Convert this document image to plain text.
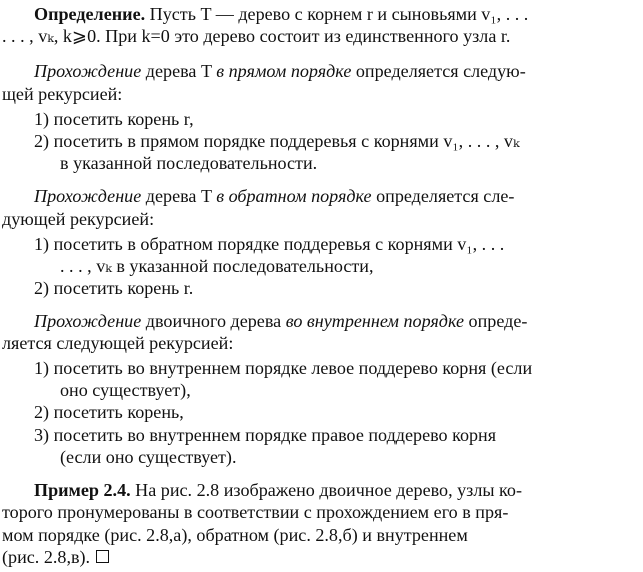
Определение. Пусть T — дерево с корнем r и сыновьями v₁, . . .
. . . , vₖ, k⩾0. При k=0 это дерево состоит из единственного узла r.
Прохождение дерева T в прямом порядке определяется следую-
щей рекурсией:
1) посетить корень r,
2) посетить в прямом порядке поддеревья с корнями v₁, . . . , vₖ
в указанной последовательности.
Прохождение дерева T в обратном порядке определяется сле-
дующей рекурсией:
1) посетить в обратном порядке поддеревья с корнями v₁, . . .
. . . , vₖ в указанной последовательности,
2) посетить корень r.
Прохождение двоичного дерева во внутреннем порядке опреде-
ляется следующей рекурсией:
1) посетить во внутреннем порядке левое поддерево корня (если
оно существует),
2) посетить корень,
3) посетить во внутреннем порядке правое поддерево корня
(если оно существует).
Пример 2.4. На рис. 2.8 изображено двоичное дерево, узлы ко-
торого пронумерованы в соответствии с прохождением его в пря-
мом порядке (рис. 2.8,а), обратном (рис. 2.8,б) и внутреннем
(рис. 2.8,в).
